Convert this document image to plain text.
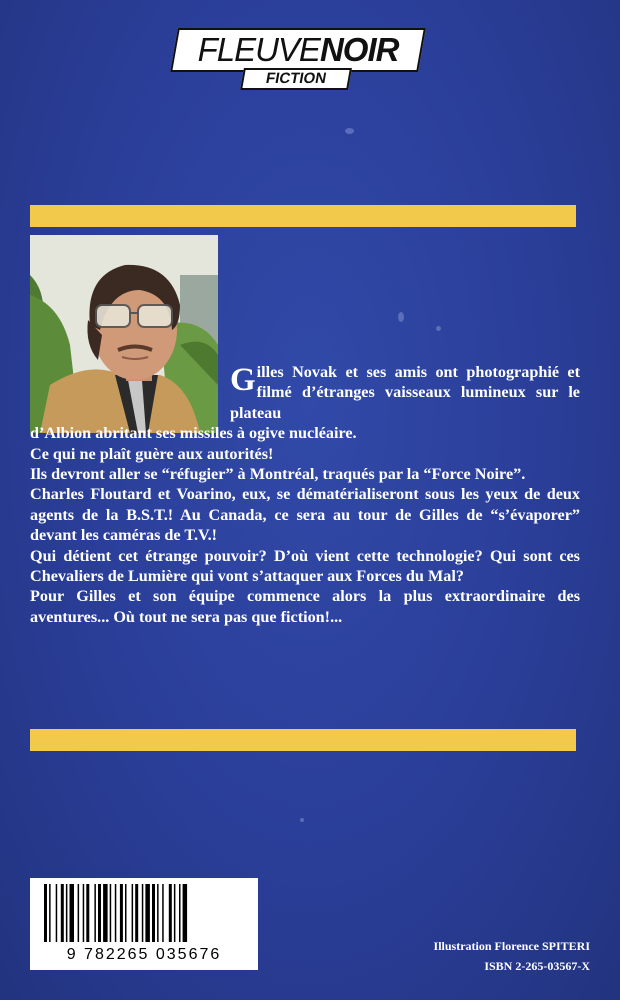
FLEUVENOIR
FICTION

Gilles Novak et ses amis ont photographié et filmé d’étranges vaisseaux lumineux sur le plateau

d’Albion abritant ses missiles à ogive nucléaire.

Ce qui ne plaît guère aux autorités!

Ils devront aller se “réfugier” à Montréal, traqués par la “Force Noire”.

Charles Floutard et Voarino, eux, se dématérialiseront sous les yeux de deux agents de la B.S.T.! Au Canada, ce sera au tour de Gilles de “s’évaporer” devant les caméras de T.V.!

Qui détient cet étrange pouvoir? D’où vient cette technologie? Qui sont ces Chevaliers de Lumière qui vont s’attaquer aux Forces du Mal?

Pour Gilles et son équipe commence alors la plus extraordinaire des aventures... Où tout ne sera pas que fiction!...

9 782265 035676	Illustration Florence SPITERI
ISBN 2-265-03567-X
